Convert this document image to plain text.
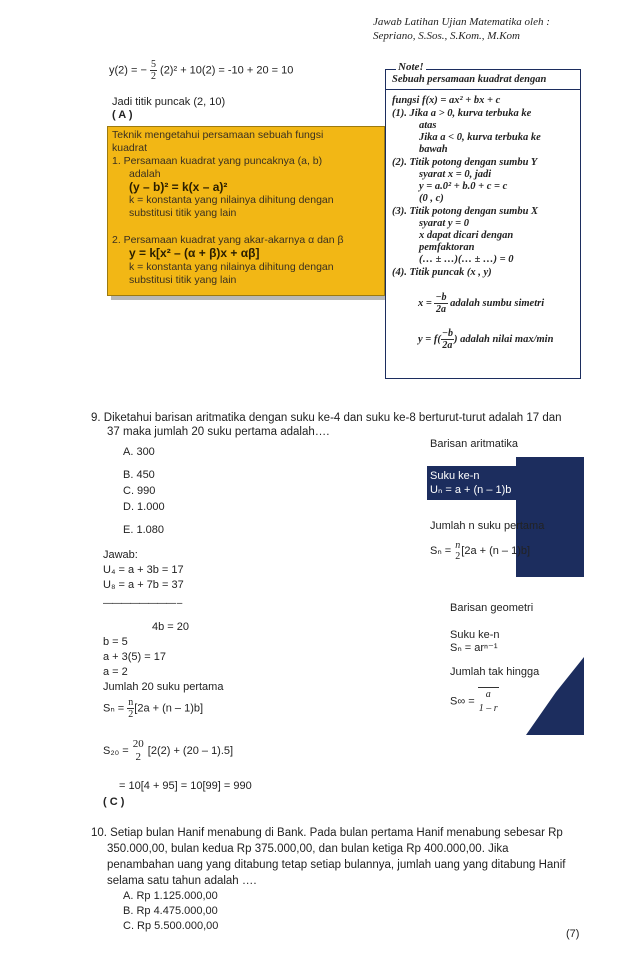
Jawab Latihan Ujian Matematika oleh :
Sepriano, S.Sos., S.Kom., M.Kom
y(2) = − $\frac{5}{2} (2)^2 + 10(2) = -10 + 20 = 10$
Jadi titik puncak (2, 10)
( A )
Teknik mengetahui persamaan sebuah fungsi
kuadrat
1. Persamaan kuadrat yang puncaknya (a, b)
adalah
(y – b)² = k(x – a)²
k = konstanta yang nilainya dihitung dengan
substitusi titik yang lain
2. Persamaan kuadrat yang akar-akarnya α dan β
y = k[x² – (α + β)x + αβ]
k = konstanta yang nilainya dihitung dengan
substitusi titik yang lain
Note!
Sebuah persamaan kuadrat dengan
fungsi f(x) = ax² + bx + c
(1). Jika a > 0, kurva terbuka ke
atas
Jika a < 0, kurva terbuka ke
bawah
(2). Titik potong dengan sumbu Y
syarat x = 0, jadi
y = a.0² + b.0 + c = c
(0 , c)
(3). Titik potong dengan sumbu X
syarat y = 0
x dapat dicari dengan
pemfaktoran
(… ± …)(… ± …) = 0
(4). Titik puncak (x , y)
$x = \frac{-b}{2a}$ adalah sumbu simetri
$y = f( \frac{-b}{2a}$ ) adalah nilai max/min
9. Diketahui barisan aritmatika dengan suku ke-4 dan suku ke-8 berturut-turut adalah 17 dan
37 maka jumlah 20 suku pertama adalah….
A. 300
B. 450
C. 990
D. 1.000
E. 1.080
Jawab:
U₄ = a + 3b = 17
U₈ = a + 7b = 37
———————— –
4b = 20
b = 5
a + 3(5) = 17
a = 2
Jumlah 20 suku pertama
$S_n = \frac{n}{2} [2a + (n - 1)b]$
S₂₀ =
20
2
[2(2) + (20 – 1).5]
= 10[4 + 95] = 10[99] = 990
( C )
Barisan aritmatika
Suku ke-n
Uₙ = a + (n – 1)b
Jumlah n suku pertama
Sₙ = n
2 [2a + (n – 1)b]
Barisan geometri
Suku ke-n
Sₙ = arⁿ⁻¹
Jumlah tak hingga
S∞ =
a
1 – r
10. Setiap bulan Hanif menabung di Bank. Pada bulan pertama Hanif menabung sebesar Rp
350.000,00, bulan kedua Rp 375.000,00, dan bulan ketiga Rp 400.000,00. Jika
penambahan uang yang ditabung tetap setiap bulannya, jumlah uang yang ditabung Hanif
selama satu tahun adalah ….
A. Rp 1.125.000,00
B. Rp 4.475.000,00
C. Rp 5.500.000,00
(7)
